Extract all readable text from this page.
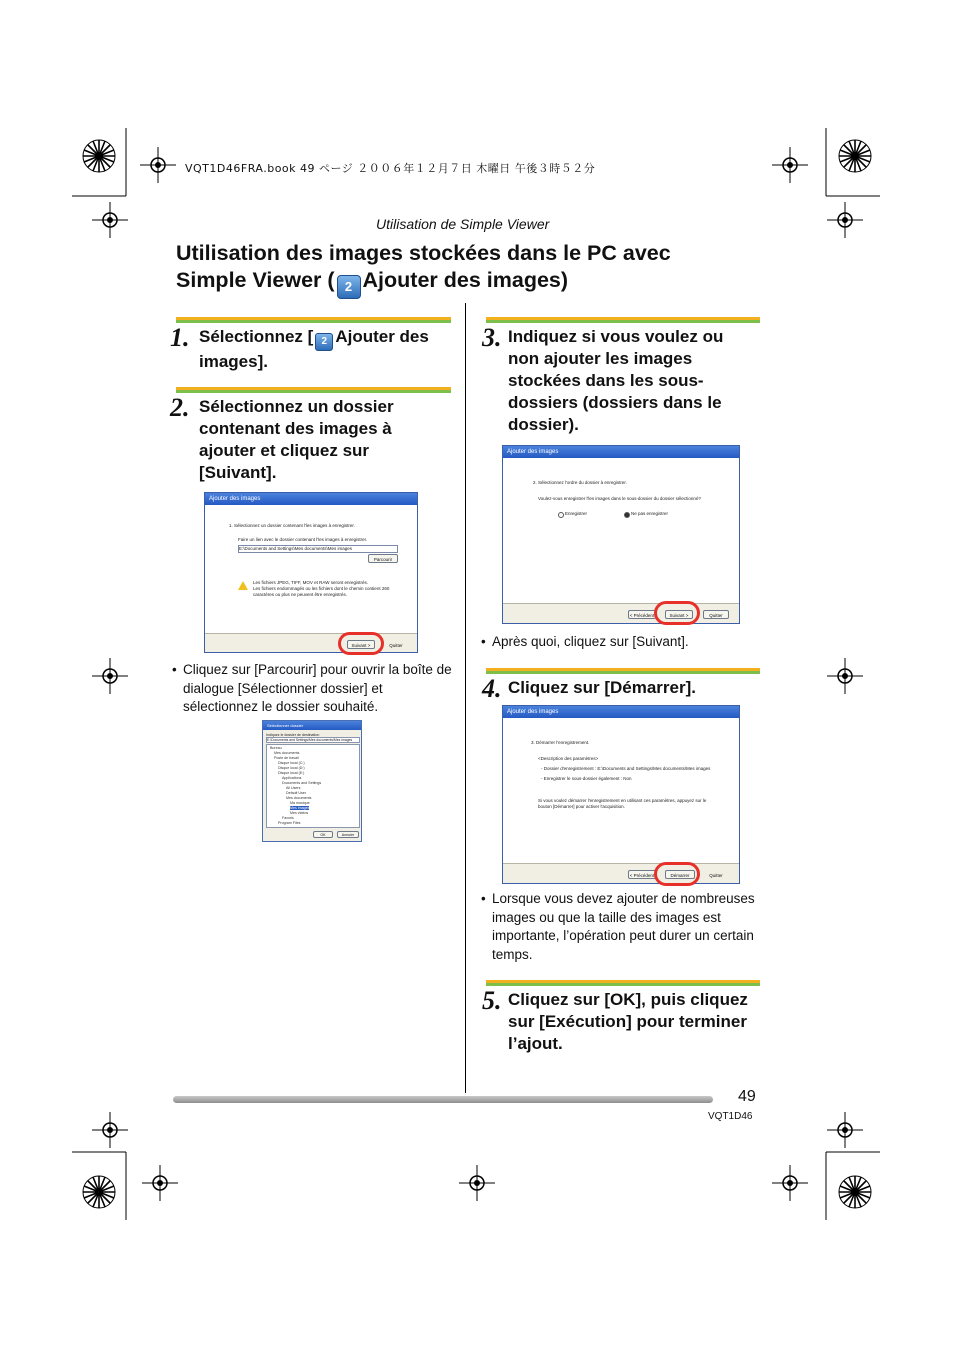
VQT1D46FRA.book 49 ページ ２００６年１２月７日 木曜日 午後３時５２分
Utilisation de Simple Viewer
Utilisation des images stockées dans le PC avec
Simple Viewer ( 2 Ajouter des images)
1. Sélectionnez [ 2 Ajouter des images].
2. Sélectionnez un dossier contenant des images à ajouter et cliquez sur [Suivant].
Ajouter des images
1. Sélectionnez un dossier contenant l'les images à enregistrer.
Faire un lien avec le dossier contenant l'les images à enregistrer.
E:\Documents and Settings\Mes documents\Mes images
Parcourir
Les fichiers JPEG, TIFF, MOV et RAW seront enregistrés.
Les fichiers endommagés ou les fichiers dont le chemin contient 260
caractères ou plus ne peuvent être enregistrés.
Suivant >	Quitter
• Cliquez sur [Parcourir] pour ouvrir la boîte de dialogue [Sélectionner dossier] et sélectionnez le dossier souhaité.
Sélectionner dossier
Indiquez le dossier de destination
E:\Documents and Settings\Mes documents\Mes images
Bureau
Mes documents
Poste de travail
Disque local (C:)
Disque local (D:)
Disque local (E:)
Applications
Documents and Settings
All Users
Default User
Mes documents
Ma musique
Mes images
Mes vidéos
Favoris
Program Files
OK	Annuler
3. Indiquez si vous voulez ou non ajouter les images stockées dans les sous-dossiers (dossiers dans le dossier).
Ajouter des images
2. Sélectionnez l'ordre du dossier à enregistrer.
Voulez-vous enregistrer l'les images dans le sous-dossier du dossier sélectionné?
Enregistrer	Ne pas enregistrer
< Précédent	Suivant >	Quitter
• Après quoi, cliquez sur [Suivant].
4. Cliquez sur [Démarrer].
Ajouter des images
3. Démarrer l'enregistrement.
<Description des paramètres>
- Dossier d'enregistrement : E:\Documents and Settings\Mes documents\Mes images
- Enregistrer le sous-dossier également : Non
Si vous voulez démarrer l'enregistrement en utilisant ces paramètres, appuyez sur le
bouton [Démarrer] pour activer l'acquisition.
< Précédent	Démarrer	Quitter
• Lorsque vous devez ajouter de nombreuses images ou que la taille des images est importante, l’opération peut durer un certain temps.
5. Cliquez sur [OK], puis cliquez sur [Exécution] pour terminer l’ajout.
49
VQT1D46
